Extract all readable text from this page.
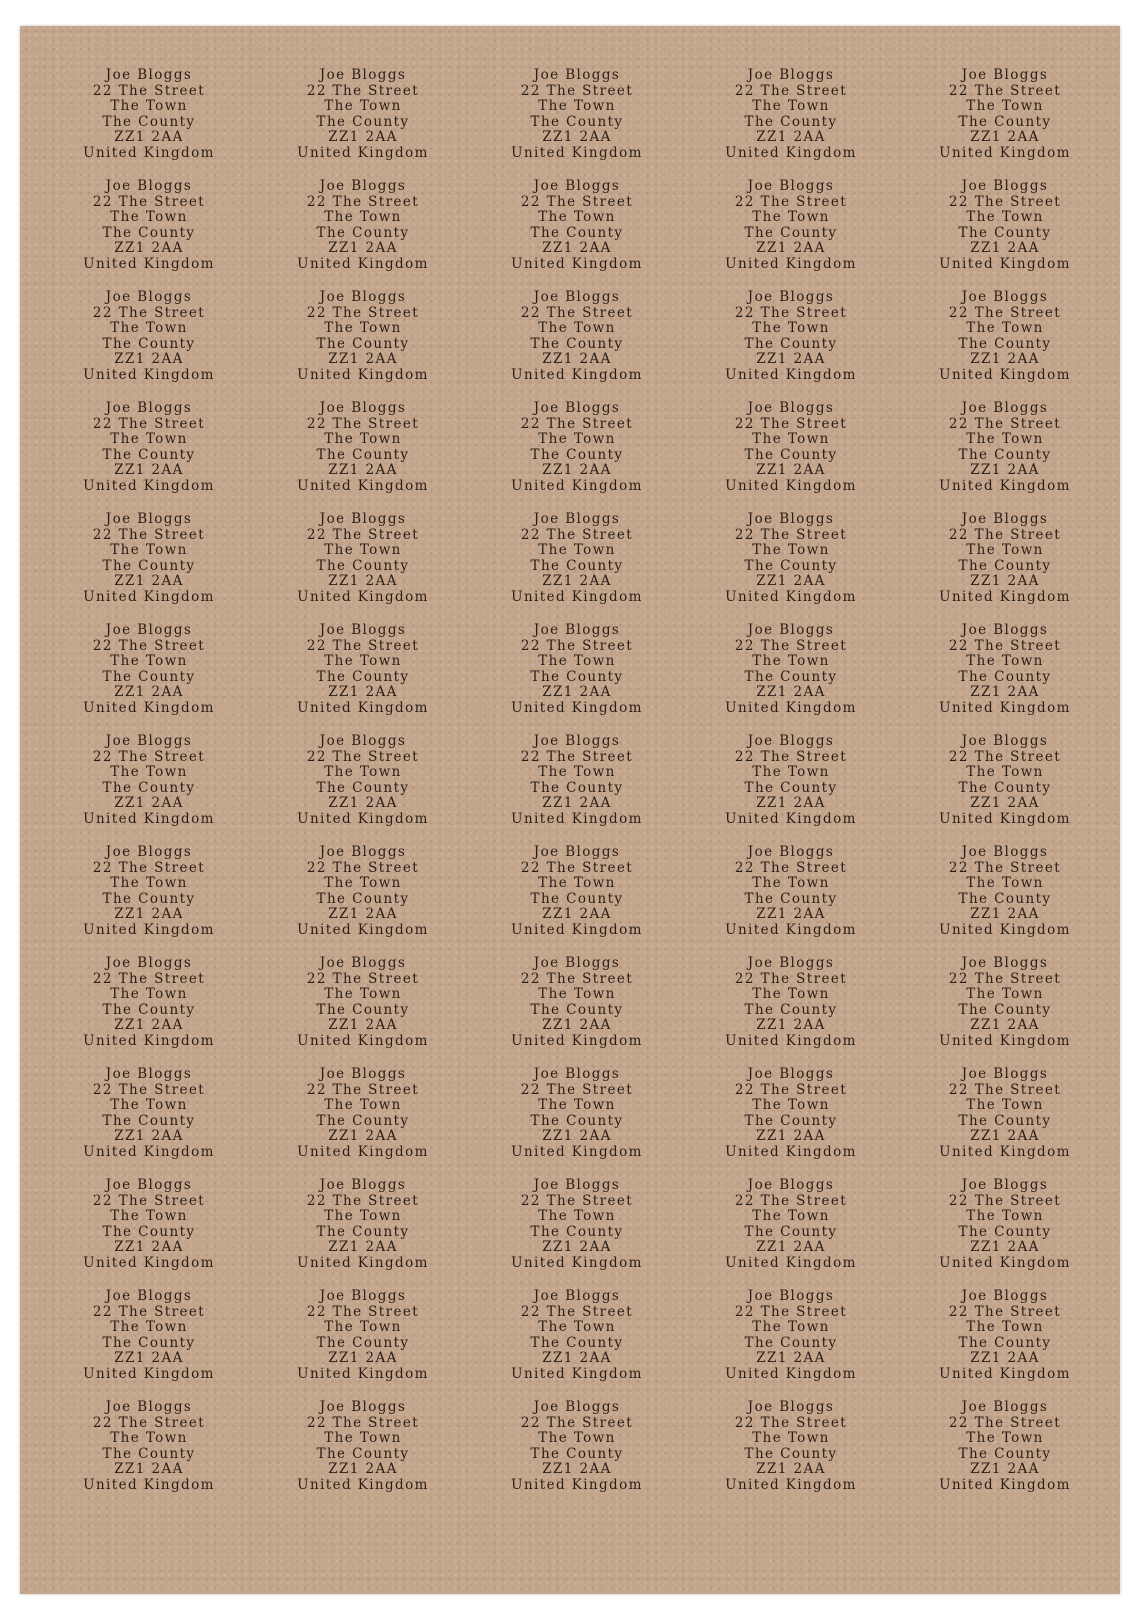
Joe Bloggs
22 The Street
The Town
The County
ZZ1 2AA
United Kingdom
Joe Bloggs
22 The Street
The Town
The County
ZZ1 2AA
United Kingdom
Joe Bloggs
22 The Street
The Town
The County
ZZ1 2AA
United Kingdom
Joe Bloggs
22 The Street
The Town
The County
ZZ1 2AA
United Kingdom
Joe Bloggs
22 The Street
The Town
The County
ZZ1 2AA
United Kingdom
Joe Bloggs
22 The Street
The Town
The County
ZZ1 2AA
United Kingdom
Joe Bloggs
22 The Street
The Town
The County
ZZ1 2AA
United Kingdom
Joe Bloggs
22 The Street
The Town
The County
ZZ1 2AA
United Kingdom
Joe Bloggs
22 The Street
The Town
The County
ZZ1 2AA
United Kingdom
Joe Bloggs
22 The Street
The Town
The County
ZZ1 2AA
United Kingdom
Joe Bloggs
22 The Street
The Town
The County
ZZ1 2AA
United Kingdom
Joe Bloggs
22 The Street
The Town
The County
ZZ1 2AA
United Kingdom
Joe Bloggs
22 The Street
The Town
The County
ZZ1 2AA
United Kingdom
Joe Bloggs
22 The Street
The Town
The County
ZZ1 2AA
United Kingdom
Joe Bloggs
22 The Street
The Town
The County
ZZ1 2AA
United Kingdom
Joe Bloggs
22 The Street
The Town
The County
ZZ1 2AA
United Kingdom
Joe Bloggs
22 The Street
The Town
The County
ZZ1 2AA
United Kingdom
Joe Bloggs
22 The Street
The Town
The County
ZZ1 2AA
United Kingdom
Joe Bloggs
22 The Street
The Town
The County
ZZ1 2AA
United Kingdom
Joe Bloggs
22 The Street
The Town
The County
ZZ1 2AA
United Kingdom
Joe Bloggs
22 The Street
The Town
The County
ZZ1 2AA
United Kingdom
Joe Bloggs
22 The Street
The Town
The County
ZZ1 2AA
United Kingdom
Joe Bloggs
22 The Street
The Town
The County
ZZ1 2AA
United Kingdom
Joe Bloggs
22 The Street
The Town
The County
ZZ1 2AA
United Kingdom
Joe Bloggs
22 The Street
The Town
The County
ZZ1 2AA
United Kingdom
Joe Bloggs
22 The Street
The Town
The County
ZZ1 2AA
United Kingdom
Joe Bloggs
22 The Street
The Town
The County
ZZ1 2AA
United Kingdom
Joe Bloggs
22 The Street
The Town
The County
ZZ1 2AA
United Kingdom
Joe Bloggs
22 The Street
The Town
The County
ZZ1 2AA
United Kingdom
Joe Bloggs
22 The Street
The Town
The County
ZZ1 2AA
United Kingdom
Joe Bloggs
22 The Street
The Town
The County
ZZ1 2AA
United Kingdom
Joe Bloggs
22 The Street
The Town
The County
ZZ1 2AA
United Kingdom
Joe Bloggs
22 The Street
The Town
The County
ZZ1 2AA
United Kingdom
Joe Bloggs
22 The Street
The Town
The County
ZZ1 2AA
United Kingdom
Joe Bloggs
22 The Street
The Town
The County
ZZ1 2AA
United Kingdom
Joe Bloggs
22 The Street
The Town
The County
ZZ1 2AA
United Kingdom
Joe Bloggs
22 The Street
The Town
The County
ZZ1 2AA
United Kingdom
Joe Bloggs
22 The Street
The Town
The County
ZZ1 2AA
United Kingdom
Joe Bloggs
22 The Street
The Town
The County
ZZ1 2AA
United Kingdom
Joe Bloggs
22 The Street
The Town
The County
ZZ1 2AA
United Kingdom
Joe Bloggs
22 The Street
The Town
The County
ZZ1 2AA
United Kingdom
Joe Bloggs
22 The Street
The Town
The County
ZZ1 2AA
United Kingdom
Joe Bloggs
22 The Street
The Town
The County
ZZ1 2AA
United Kingdom
Joe Bloggs
22 The Street
The Town
The County
ZZ1 2AA
United Kingdom
Joe Bloggs
22 The Street
The Town
The County
ZZ1 2AA
United Kingdom
Joe Bloggs
22 The Street
The Town
The County
ZZ1 2AA
United Kingdom
Joe Bloggs
22 The Street
The Town
The County
ZZ1 2AA
United Kingdom
Joe Bloggs
22 The Street
The Town
The County
ZZ1 2AA
United Kingdom
Joe Bloggs
22 The Street
The Town
The County
ZZ1 2AA
United Kingdom
Joe Bloggs
22 The Street
The Town
The County
ZZ1 2AA
United Kingdom
Joe Bloggs
22 The Street
The Town
The County
ZZ1 2AA
United Kingdom
Joe Bloggs
22 The Street
The Town
The County
ZZ1 2AA
United Kingdom
Joe Bloggs
22 The Street
The Town
The County
ZZ1 2AA
United Kingdom
Joe Bloggs
22 The Street
The Town
The County
ZZ1 2AA
United Kingdom
Joe Bloggs
22 The Street
The Town
The County
ZZ1 2AA
United Kingdom
Joe Bloggs
22 The Street
The Town
The County
ZZ1 2AA
United Kingdom
Joe Bloggs
22 The Street
The Town
The County
ZZ1 2AA
United Kingdom
Joe Bloggs
22 The Street
The Town
The County
ZZ1 2AA
United Kingdom
Joe Bloggs
22 The Street
The Town
The County
ZZ1 2AA
United Kingdom
Joe Bloggs
22 The Street
The Town
The County
ZZ1 2AA
United Kingdom
Joe Bloggs
22 The Street
The Town
The County
ZZ1 2AA
United Kingdom
Joe Bloggs
22 The Street
The Town
The County
ZZ1 2AA
United Kingdom
Joe Bloggs
22 The Street
The Town
The County
ZZ1 2AA
United Kingdom
Joe Bloggs
22 The Street
The Town
The County
ZZ1 2AA
United Kingdom
Joe Bloggs
22 The Street
The Town
The County
ZZ1 2AA
United Kingdom
